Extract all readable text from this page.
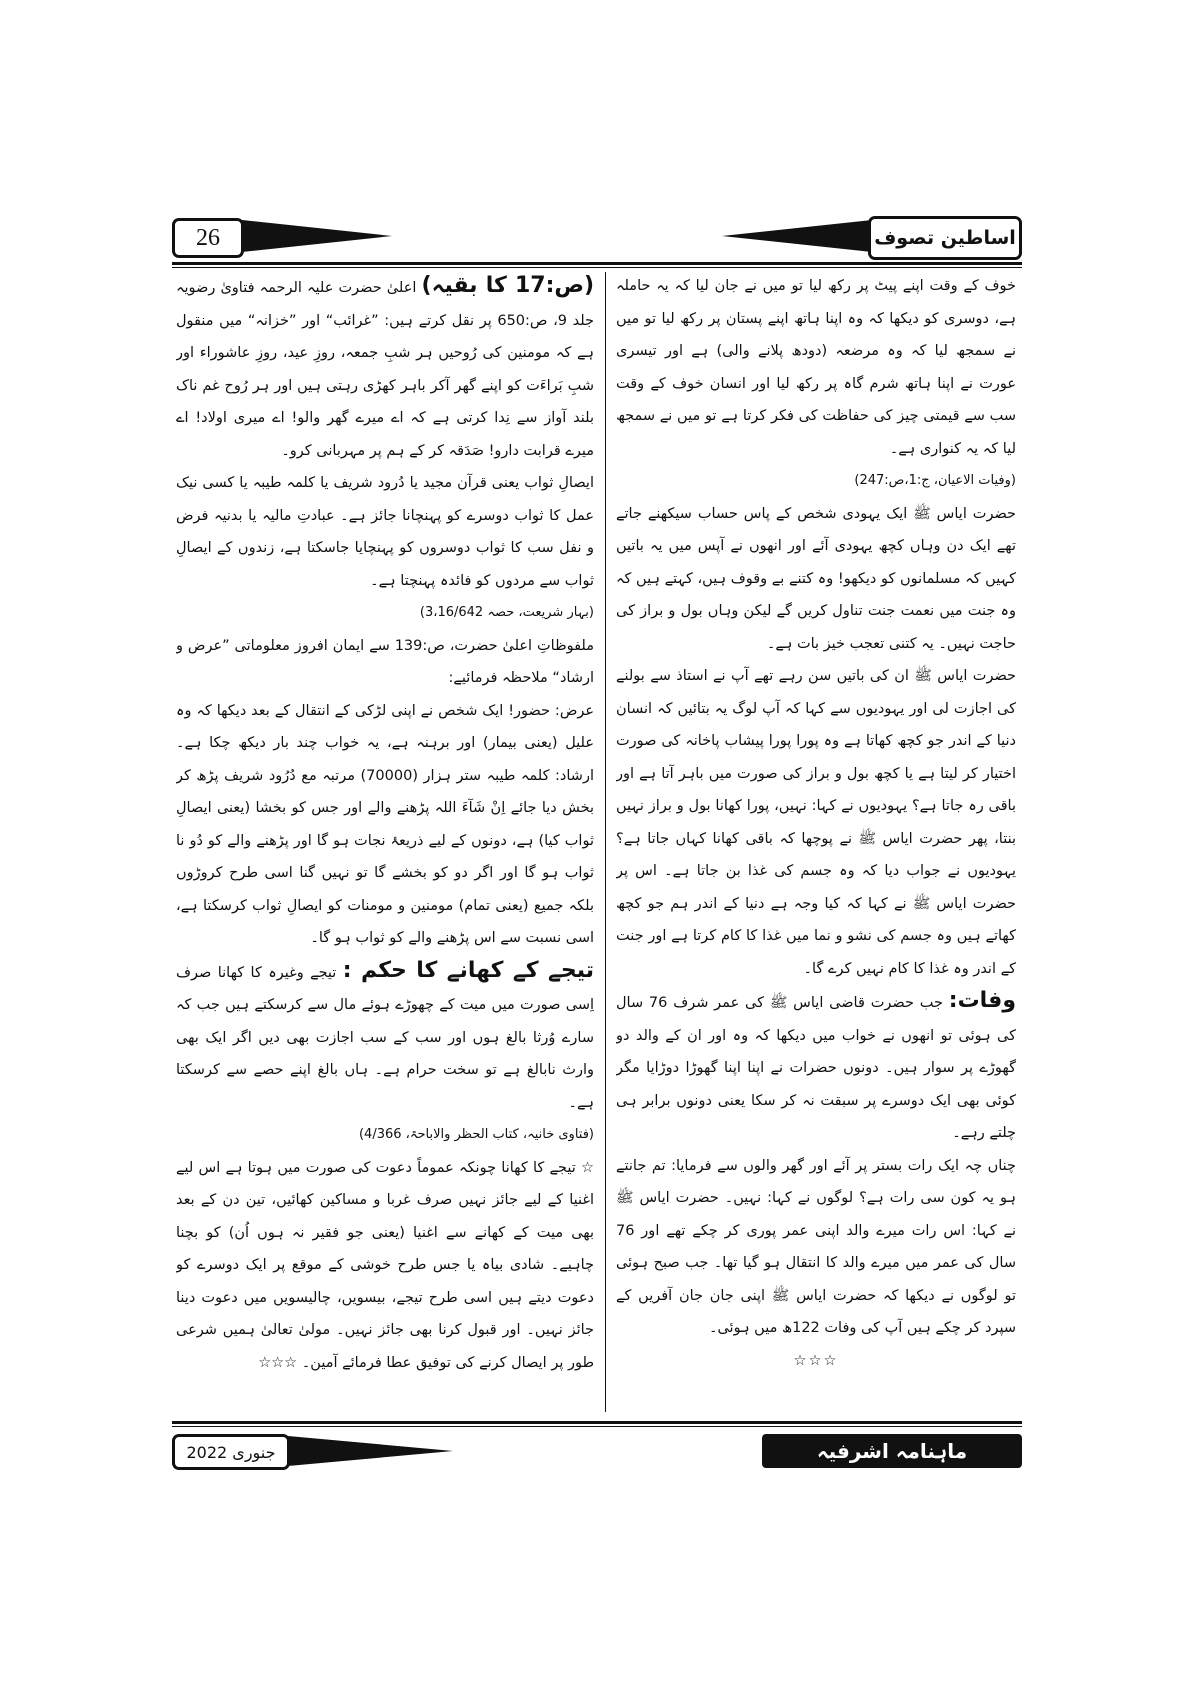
26	اساطین تصوف

خوف کے وقت اپنے پیٹ پر رکھ لیا تو میں نے جان لیا کہ یہ حاملہ ہے، دوسری کو دیکھا کہ وہ اپنا ہاتھ اپنے پستان پر رکھ لیا تو میں نے سمجھ لیا کہ وہ مرضعہ (دودھ پلانے والی) ہے اور تیسری عورت نے اپنا ہاتھ شرم گاہ پر رکھ لیا اور انسان خوف کے وقت سب سے قیمتی چیز کی حفاظت کی فکر کرتا ہے تو میں نے سمجھ لیا کہ یہ کنواری ہے۔

(وفیات الاعیان، ج:1،ص:247)

حضرت ایاس ﷺ ایک یہودی شخص کے پاس حساب سیکھنے جاتے تھے ایک دن وہاں کچھ یہودی آئے اور انھوں نے آپس میں یہ باتیں کہیں کہ مسلمانوں کو دیکھو! وہ کتنے بے وقوف ہیں، کہتے ہیں کہ وہ جنت میں نعمت جنت تناول کریں گے لیکن وہاں بول و براز کی حاجت نہیں۔ یہ کتنی تعجب خیز بات ہے۔

حضرت ایاس ﷺ ان کی باتیں سن رہے تھے آپ نے استاذ سے بولنے کی اجازت لی اور یہودیوں سے کہا کہ آپ لوگ یہ بتائیں کہ انسان دنیا کے اندر جو کچھ کھاتا ہے وہ پورا پورا پیشاب پاخانہ کی صورت اختیار کر لیتا ہے یا کچھ بول و براز کی صورت میں باہر آتا ہے اور باقی رہ جاتا ہے؟ یہودیوں نے کہا: نہیں، پورا کھانا بول و براز نہیں بنتا، پھر حضرت ایاس ﷺ نے پوچھا کہ باقی کھانا کہاں جاتا ہے؟ یہودیوں نے جواب دیا کہ وہ جسم کی غذا بن جاتا ہے۔ اس پر حضرت ایاس ﷺ نے کہا کہ کیا وجہ ہے دنیا کے اندر ہم جو کچھ کھاتے ہیں وہ جسم کی نشو و نما میں غذا کا کام کرتا ہے اور جنت کے اندر وہ غذا کا کام نہیں کرے گا۔

وفات: جب حضرت قاضی ایاس ﷺ کی عمر شرف 76 سال کی ہوئی تو انھوں نے خواب میں دیکھا کہ وہ اور ان کے والد دو گھوڑے پر سوار ہیں۔ دونوں حضرات نے اپنا اپنا گھوڑا دوڑایا مگر کوئی بھی ایک دوسرے پر سبقت نہ کر سکا یعنی دونوں برابر ہی چلتے رہے۔

چناں چہ ایک رات بستر پر آئے اور گھر والوں سے فرمایا: تم جانتے ہو یہ کون سی رات ہے؟ لوگوں نے کہا: نہیں۔ حضرت ایاس ﷺ نے کہا: اس رات میرے والد اپنی عمر پوری کر چکے تھے اور 76 سال کی عمر میں میرے والد کا انتقال ہو گیا تھا۔ جب صبح ہوئی تو لوگوں نے دیکھا کہ حضرت ایاس ﷺ اپنی جان جان آفریں کے سپرد کر چکے ہیں آپ کی وفات 122ھ میں ہوئی۔

☆☆☆

(ص:17 کا بقیہ) اعلیٰ حضرت علیہ الرحمہ فتاویٰ رضویہ جلد 9، ص:650 پر نقل کرتے ہیں: ”غرائب“ اور ”خزانہ“ میں منقول ہے کہ مومنین کی رُوحیں ہر شبِ جمعہ، روزِ عید، روزِ عاشوراء اور شبِ بَراءَت کو اپنے گھر آکر باہر کھڑی رہتی ہیں اور ہر رُوح غم ناک بلند آواز سے نِدا کرتی ہے کہ اے میرے گھر والو! اے میری اولاد! اے میرے قرابت دارو! صَدَقہ کر کے ہم پر مہربانی کرو۔

ایصالِ ثواب یعنی قرآن مجید یا دُرود شریف یا کلمہ طیبہ یا کسی نیک عمل کا ثواب دوسرے کو پہنچانا جائز ہے۔ عبادتِ مالیہ یا بدنیہ فرض و نفل سب کا ثواب دوسروں کو پہنچایا جاسکتا ہے، زندوں کے ایصالِ ثواب سے مردوں کو فائدہ پہنچتا ہے۔

(بہار شریعت، حصہ 3،16/642)

ملفوظاتِ اعلیٰ حضرت، ص:139 سے ایمان افروز معلوماتی ”عرض و ارشاد“ ملاحظہ فرمائیے:

عرض: حضور! ایک شخص نے اپنی لڑکی کے انتقال کے بعد دیکھا کہ وہ علیل (یعنی بیمار) اور برہنہ ہے، یہ خواب چند بار دیکھ چکا ہے۔ ارشاد: کلمہ طیبہ ستر ہزار (70000) مرتبہ مع دُرُود شریف پڑھ کر بخش دیا جائے اِنْ شَآءَ اللہ پڑھنے والے اور جس کو بخشا (یعنی ایصالِ ثواب کیا) ہے، دونوں کے لیے ذریعۂ نجات ہو گا اور پڑھنے والے کو دُو نا ثواب ہو گا اور اگر دو کو بخشے گا تو نہیں گنا اسی طرح کروڑوں بلکہ جمیع (یعنی تمام) مومنین و مومنات کو ایصالِ ثواب کرسکتا ہے، اسی نسبت سے اس پڑھنے والے کو ثواب ہو گا۔

تیجے کے کھانے کا حکم : تیجے وغیرہ کا کھانا صرف اِسی صورت میں میت کے چھوڑے ہوئے مال سے کرسکتے ہیں جب کہ سارے وُرثا بالغ ہوں اور سب کے سب اجازت بھی دیں اگر ایک بھی وارث نابالغ ہے تو سخت حرام ہے۔ ہاں بالغ اپنے حصے سے کرسکتا ہے۔

(فتاوی خانیہ، کتاب الحظر والاباحۃ، 4/366)

☆ تیجے کا کھانا چونکہ عموماً دعوت کی صورت میں ہوتا ہے اس لیے اغنیا کے لیے جائز نہیں صرف غربا و مساکین کھائیں، تین دن کے بعد بھی میت کے کھانے سے اغنیا (یعنی جو فقیر نہ ہوں اُن) کو بچنا چاہیے۔ شادی بیاہ یا جس طرح خوشی کے موقع پر ایک دوسرے کو دعوت دیتے ہیں اسی طرح تیجے، بیسویں، چالیسویں میں دعوت دینا جائز نہیں۔ اور قبول کرنا بھی جائز نہیں۔ مولیٰ تعالیٰ ہمیں شرعی طور پر ایصال کرنے کی توفیق عطا فرمائے آمین۔ ☆☆☆

جنوری 2022	ماہنامہ اشرفیہ
